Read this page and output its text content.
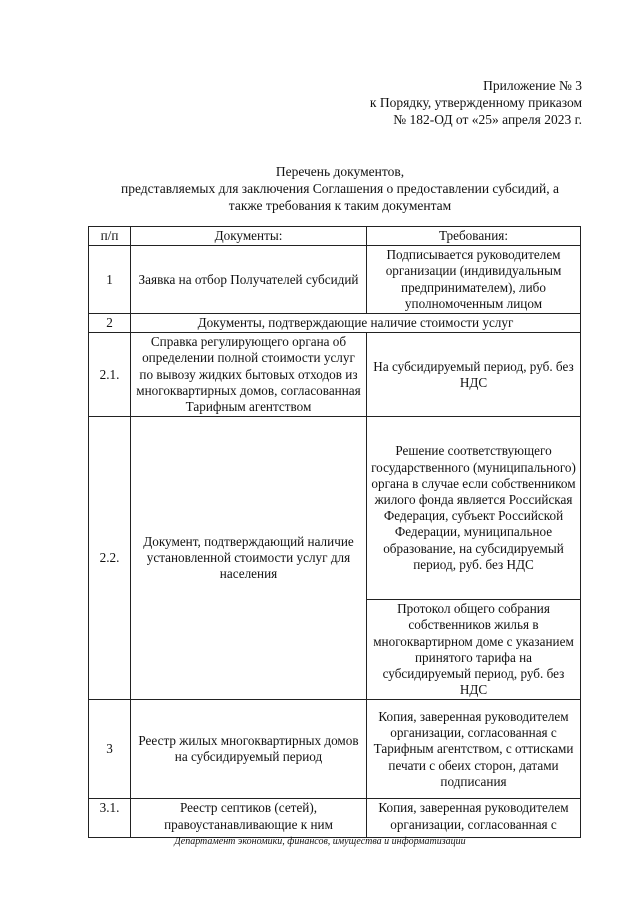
Приложение № 3
к Порядку, утвержденному приказом
№ 182-ОД от «25» апреля 2023 г.
Перечень документов,
представляемых для заключения Соглашения о предоставлении субсидий, а
также требования к таким документам
п/п	Документы:	Требования:
1	Заявка на отбор Получателей субсидий	Подписывается руководителем организации (индивидуальным предпринимателем), либо уполномоченным лицом
2	Документы, подтверждающие наличие стоимости услуг	
2.1.	Справка регулирующего органа об определении полной стоимости услуг по вывозу жидких бытовых отходов из многоквартирных домов, согласованная Тарифным агентством	На субсидируемый период, руб. без НДС
2.2.	Документ, подтверждающий наличие установленной стоимости услуг для населения	Решение соответствующего государственного (муниципального) органа в случае если собственником жилого фонда является Российская Федерация, субъект Российской Федерации, муниципальное образование, на субсидируемый период, руб. без НДС
		Протокол общего собрания собственников жилья в многоквартирном доме с указанием принятого тарифа на субсидируемый период, руб. без НДС
3	Реестр жилых многоквартирных домов на субсидируемый период	Копия, заверенная руководителем организации, согласованная с Тарифным агентством, с оттисками печати с обеих сторон, датами подписания
3.1.	Реестр септиков (сетей), правоустанавливающие к ним	Копия, заверенная руководителем организации, согласованная с
Департамент экономики, финансов, имущества и информатизации
